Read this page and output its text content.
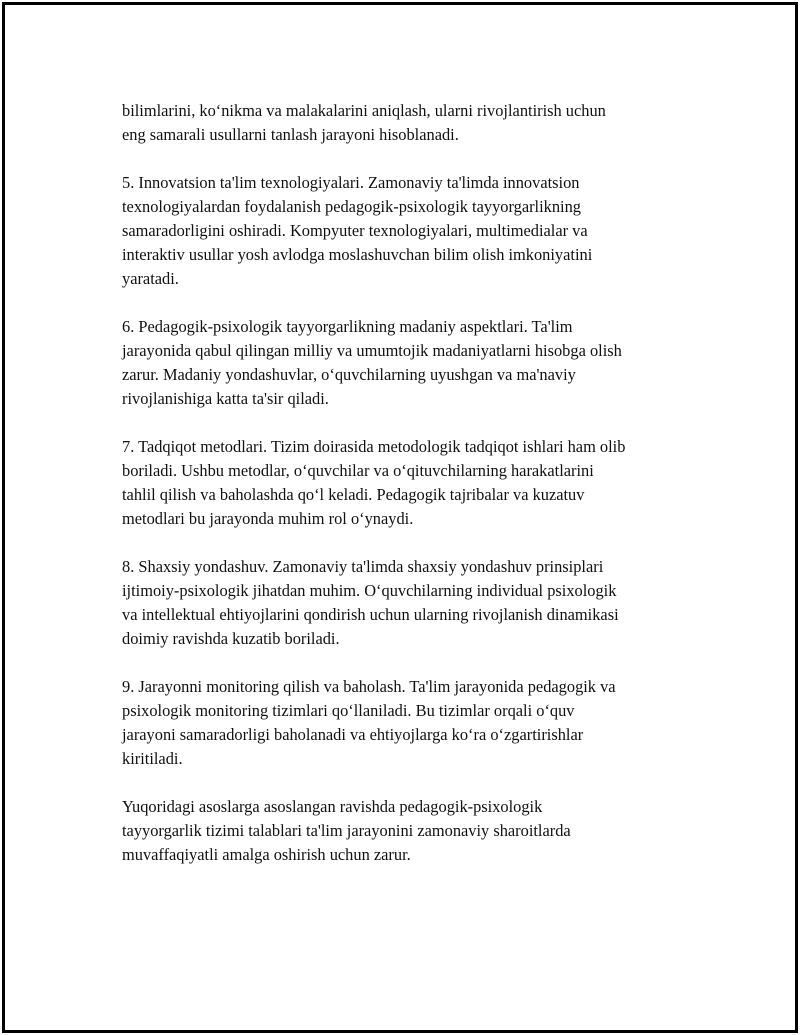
bilimlarini, ko‘nikma va malakalarini aniqlash, ularni rivojlantirish uchun
eng samarali usullarni tanlash jarayoni hisoblanadi.

5. Innovatsion ta'lim texnologiyalari. Zamonaviy ta'limda innovatsion
texnologiyalardan foydalanish pedagogik-psixologik tayyorgarlikning
samaradorligini oshiradi. Kompyuter texnologiyalari, multimedialar va
interaktiv usullar yosh avlodga moslashuvchan bilim olish imkoniyatini
yaratadi.

6. Pedagogik-psixologik tayyorgarlikning madaniy aspektlari. Ta'lim
jarayonida qabul qilingan milliy va umumtojik madaniyatlarni hisobga olish
zarur. Madaniy yondashuvlar, o‘quvchilarning uyushgan va ma'naviy
rivojlanishiga katta ta'sir qiladi.

7. Tadqiqot metodlari. Tizim doirasida metodologik tadqiqot ishlari ham olib
boriladi. Ushbu metodlar, o‘quvchilar va o‘qituvchilarning harakatlarini
tahlil qilish va baholashda qo‘l keladi. Pedagogik tajribalar va kuzatuv
metodlari bu jarayonda muhim rol o‘ynaydi.

8. Shaxsiy yondashuv. Zamonaviy ta'limda shaxsiy yondashuv prinsiplari
ijtimoiy-psixologik jihatdan muhim. O‘quvchilarning individual psixologik
va intellektual ehtiyojlarini qondirish uchun ularning rivojlanish dinamikasi
doimiy ravishda kuzatib boriladi.

9. Jarayonni monitoring qilish va baholash. Ta'lim jarayonida pedagogik va
psixologik monitoring tizimlari qo‘llaniladi. Bu tizimlar orqali o‘quv
jarayoni samaradorligi baholanadi va ehtiyojlarga ko‘ra o‘zgartirishlar
kiritiladi.

Yuqoridagi asoslarga asoslangan ravishda pedagogik-psixologik
tayyorgarlik tizimi talablari ta'lim jarayonini zamonaviy sharoitlarda
muvaffaqiyatli amalga oshirish uchun zarur.
